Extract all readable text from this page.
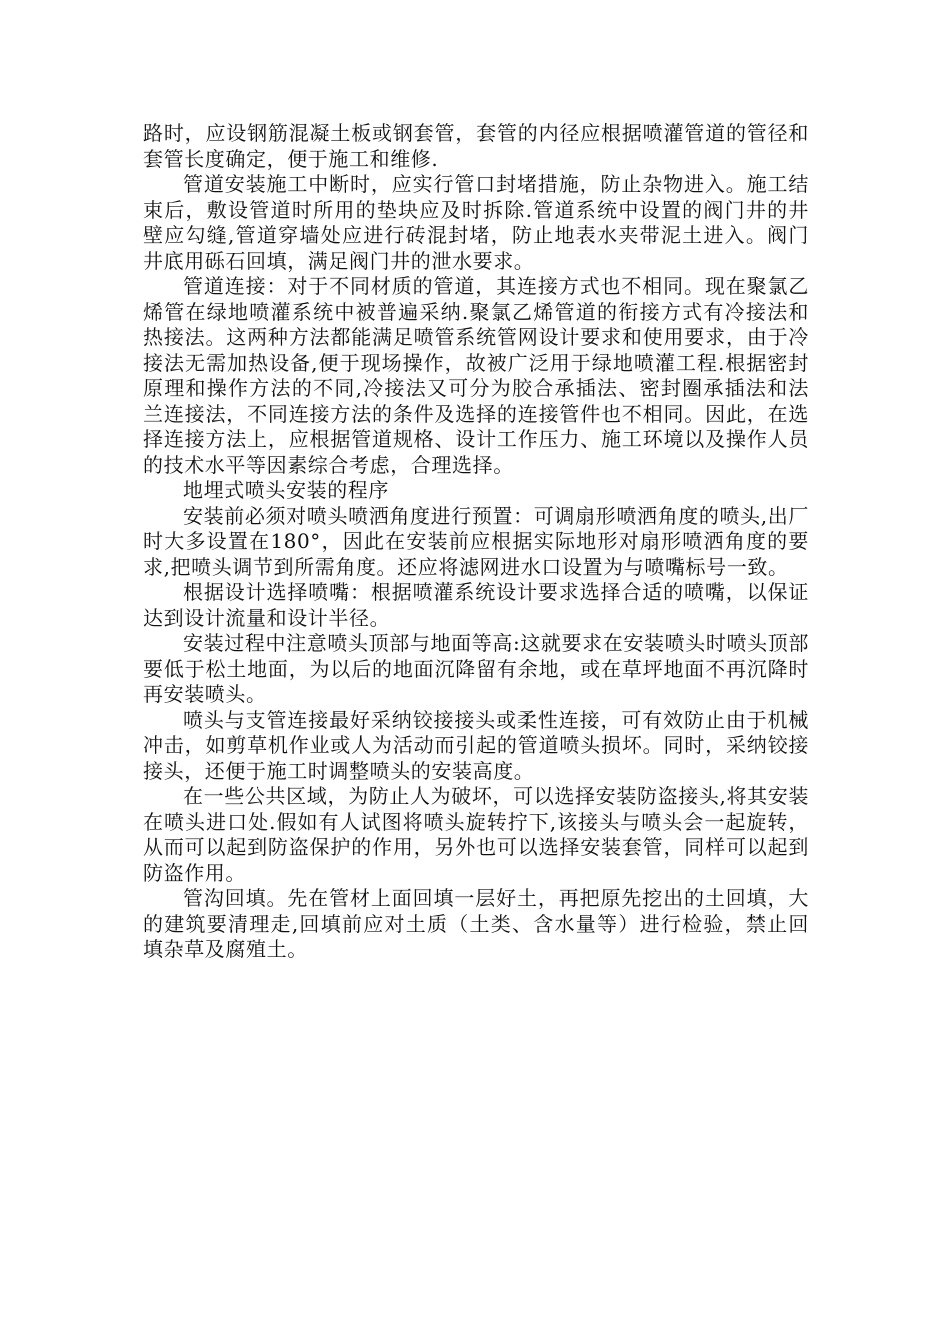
路时，应设钢筋混凝土板或钢套管，套管的内径应根据喷灌管道的管径和套管长度确定，便于施工和维修.

管道安装施工中断时，应实行管口封堵措施，防止杂物进入。施工结束后，敷设管道时所用的垫块应及时拆除.管道系统中设置的阀门井的井壁应勾缝,管道穿墙处应进行砖混封堵，防止地表水夹带泥土进入。阀门井底用砾石回填，满足阀门井的泄水要求。

管道连接：对于不同材质的管道，其连接方式也不相同。现在聚氯乙烯管在绿地喷灌系统中被普遍采纳.聚氯乙烯管道的衔接方式有冷接法和热接法。这两种方法都能满足喷管系统管网设计要求和使用要求，由于冷接法无需加热设备,便于现场操作，故被广泛用于绿地喷灌工程.根据密封原理和操作方法的不同,冷接法又可分为胶合承插法、密封圈承插法和法兰连接法，不同连接方法的条件及选择的连接管件也不相同。因此，在选择连接方法上，应根据管道规格、设计工作压力、施工环境以及操作人员的技术水平等因素综合考虑，合理选择。

地埋式喷头安装的程序

安装前必须对喷头喷洒角度进行预置：可调扇形喷洒角度的喷头,出厂时大多设置在180°，因此在安装前应根据实际地形对扇形喷洒角度的要求,把喷头调节到所需角度。还应将滤网进水口设置为与喷嘴标号一致。

根据设计选择喷嘴：根据喷灌系统设计要求选择合适的喷嘴，以保证达到设计流量和设计半径。

安装过程中注意喷头顶部与地面等高:这就要求在安装喷头时喷头顶部要低于松土地面，为以后的地面沉降留有余地，或在草坪地面不再沉降时再安装喷头。

喷头与支管连接最好采纳铰接接头或柔性连接，可有效防止由于机械冲击，如剪草机作业或人为活动而引起的管道喷头损坏。同时，采纳铰接接头，还便于施工时调整喷头的安装高度。

在一些公共区域，为防止人为破坏，可以选择安装防盗接头,将其安装在喷头进口处.假如有人试图将喷头旋转拧下,该接头与喷头会一起旋转，从而可以起到防盗保护的作用，另外也可以选择安装套管，同样可以起到防盗作用。

管沟回填。先在管材上面回填一层好土，再把原先挖出的土回填，大的建筑要清理走,回填前应对土质（土类、含水量等）进行检验，禁止回填杂草及腐殖土。
